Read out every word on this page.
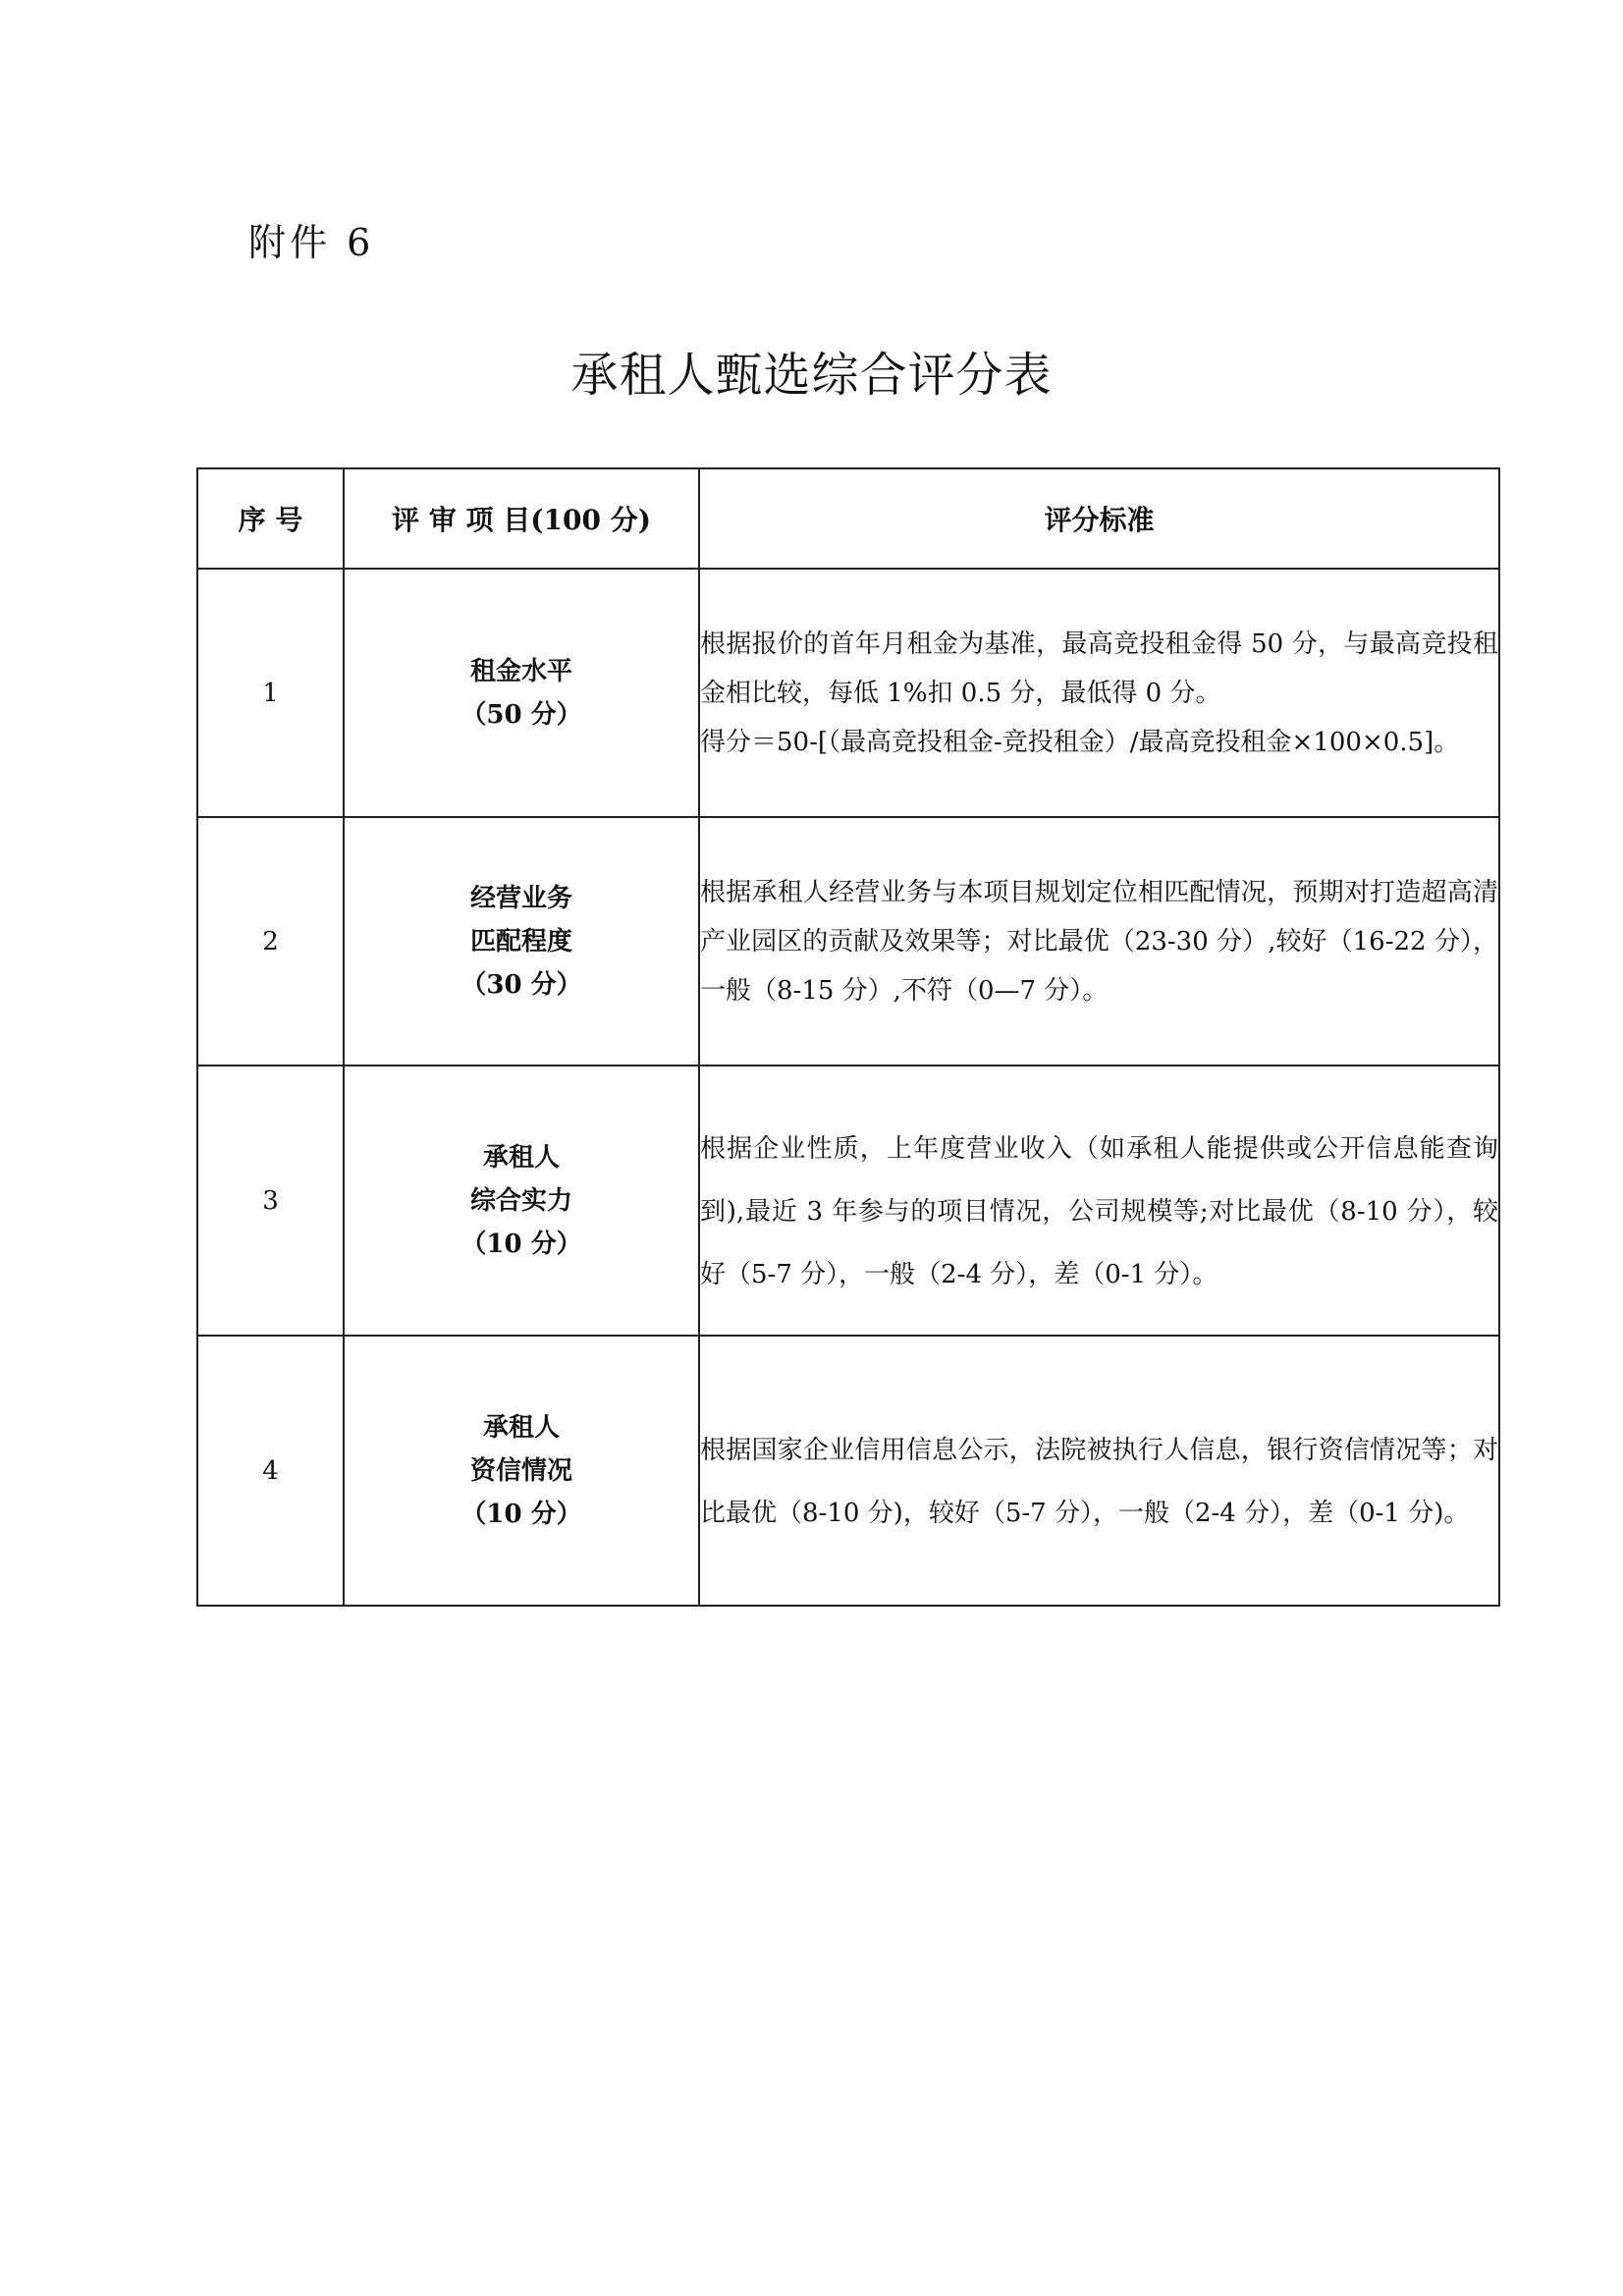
附件 6
承租人甄选综合评分表
序 号	评 审 项 目(100 分)	评分标准
1	租金水平
（50 分）	根据报价的首年月租金为基准，最高竞投租金得 50 分，与最高竞投租金相比较，每低 1%扣 0.5 分，最低得 0 分。
得分＝50-[（最高竞投租金-竞投租金）/最高竞投租金×100×0.5]。

2	经营业务
匹配程度
（30 分）	根据承租人经营业务与本项目规划定位相匹配情况，预期对打造超高清产业园区的贡献及效果等；对比最优（23-30 分）,较好（16-22 分），一般（8-15 分）,不符（0—7 分）。
3	承租人
综合实力
（10 分）	根据企业性质，上年度营业收入（如承租人能提供或公开信息能查询到),最近 3 年参与的项目情况，公司规模等;对比最优（8-10 分），较好（5-7 分），一般（2-4 分），差（0-1 分）。
4	承租人
资信情况
（10 分）	根据国家企业信用信息公示，法院被执行人信息，银行资信情况等；对比最优（8-10 分)，较好（5-7 分），一般（2-4 分），差（0-1 分)。
